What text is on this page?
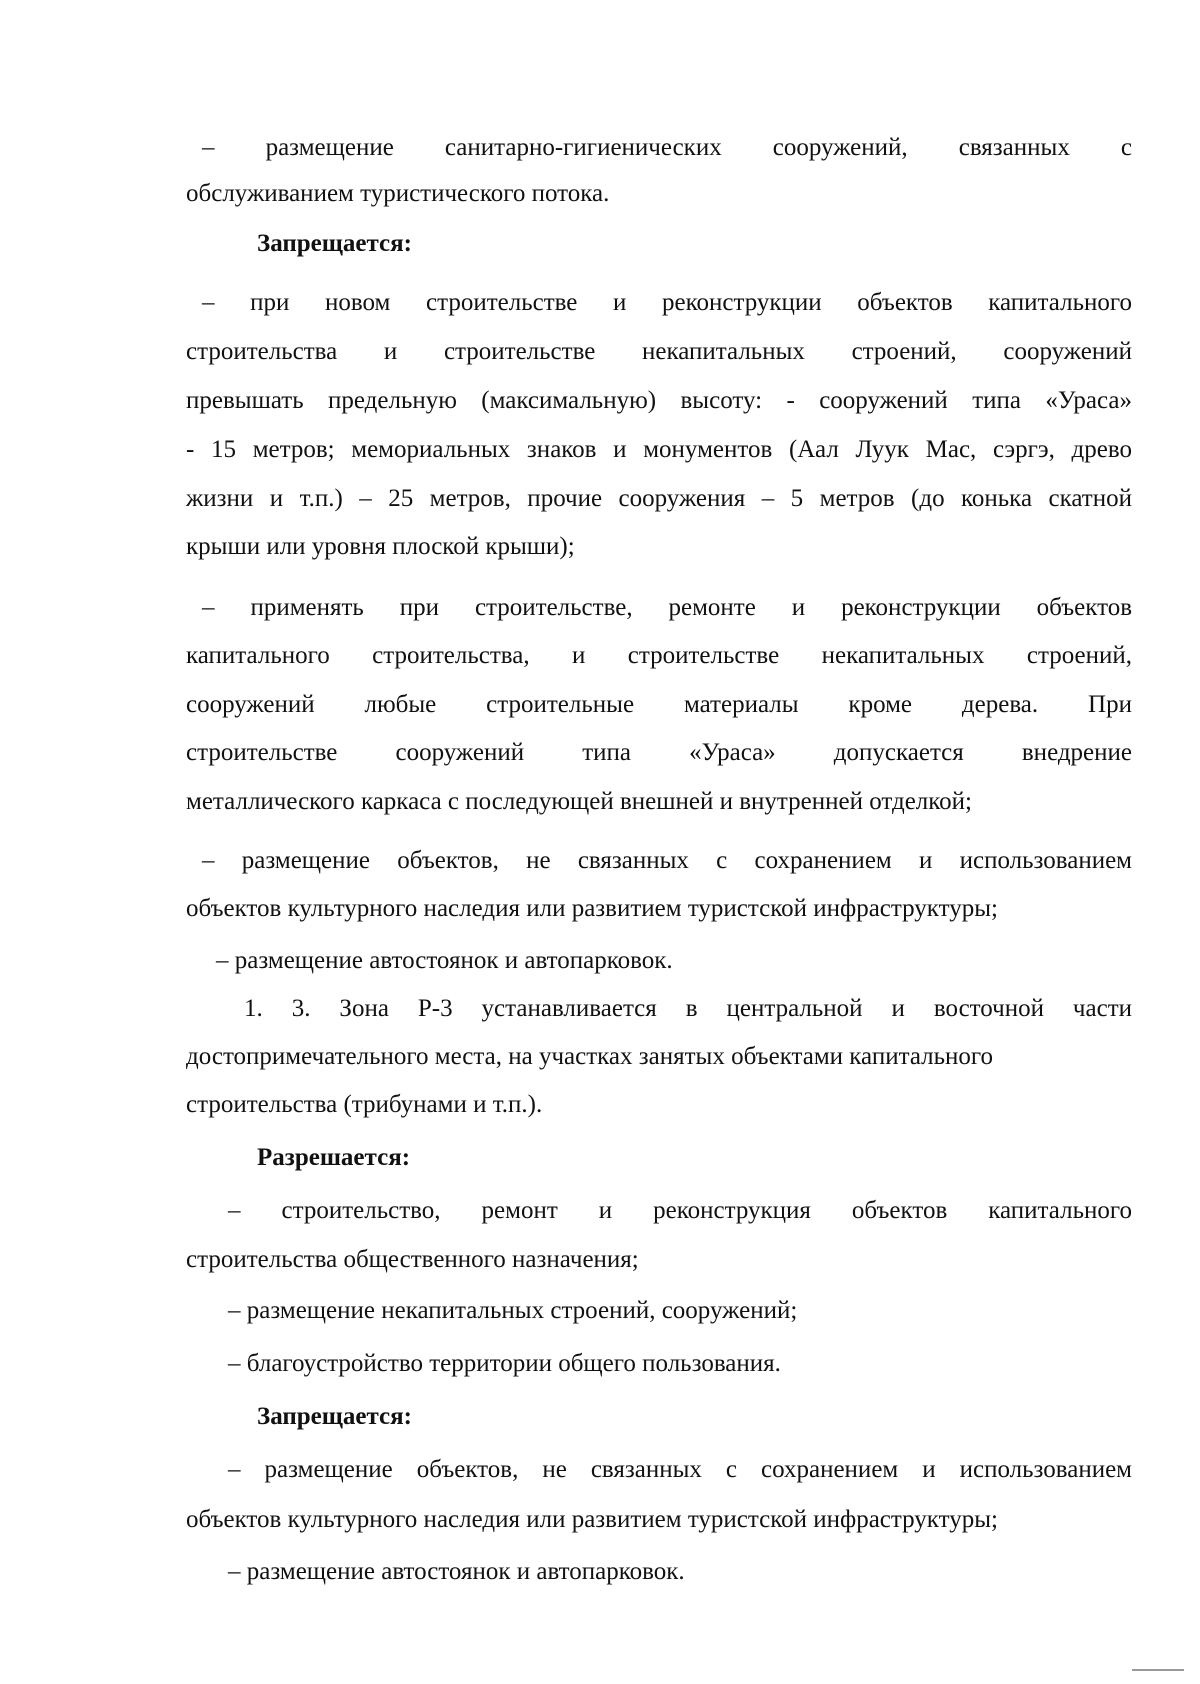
– размещение санитарно-гигиенических сооружений, связанных с
обслуживанием туристического потока.
Запрещается:
– при новом строительстве и реконструкции объектов капитального
строительства и строительстве некапитальных строений, сооружений
превышать предельную (максимальную) высоту: - сооружений типа «Ураса»
- 15 метров; мемориальных знаков и монументов (Аал Луук Мас, сэргэ, древо
жизни и т.п.) – 25 метров, прочие сооружения – 5 метров (до конька скатной
крыши или уровня плоской крыши);
– применять при строительстве, ремонте и реконструкции объектов
капитального строительства, и строительстве некапитальных строений,
сооружений любые строительные материалы кроме дерева. При
строительстве сооружений типа «Ураса» допускается внедрение
металлического каркаса с последующей внешней и внутренней отделкой;
– размещение объектов, не связанных с сохранением и использованием
объектов культурного наследия или развитием туристской инфраструктуры;
– размещение автостоянок и автопарковок.
1. 3. Зона Р-3 устанавливается в центральной и восточной части
достопримечательного места, на участках занятых объектами капитального
строительства (трибунами и т.п.).
Разрешается:
– строительство, ремонт и реконструкция объектов капитального
строительства общественного назначения;
– размещение некапитальных строений, сооружений;
– благоустройство территории общего пользования.
Запрещается:
– размещение объектов, не связанных с сохранением и использованием
объектов культурного наследия или развитием туристской инфраструктуры;
– размещение автостоянок и автопарковок.
